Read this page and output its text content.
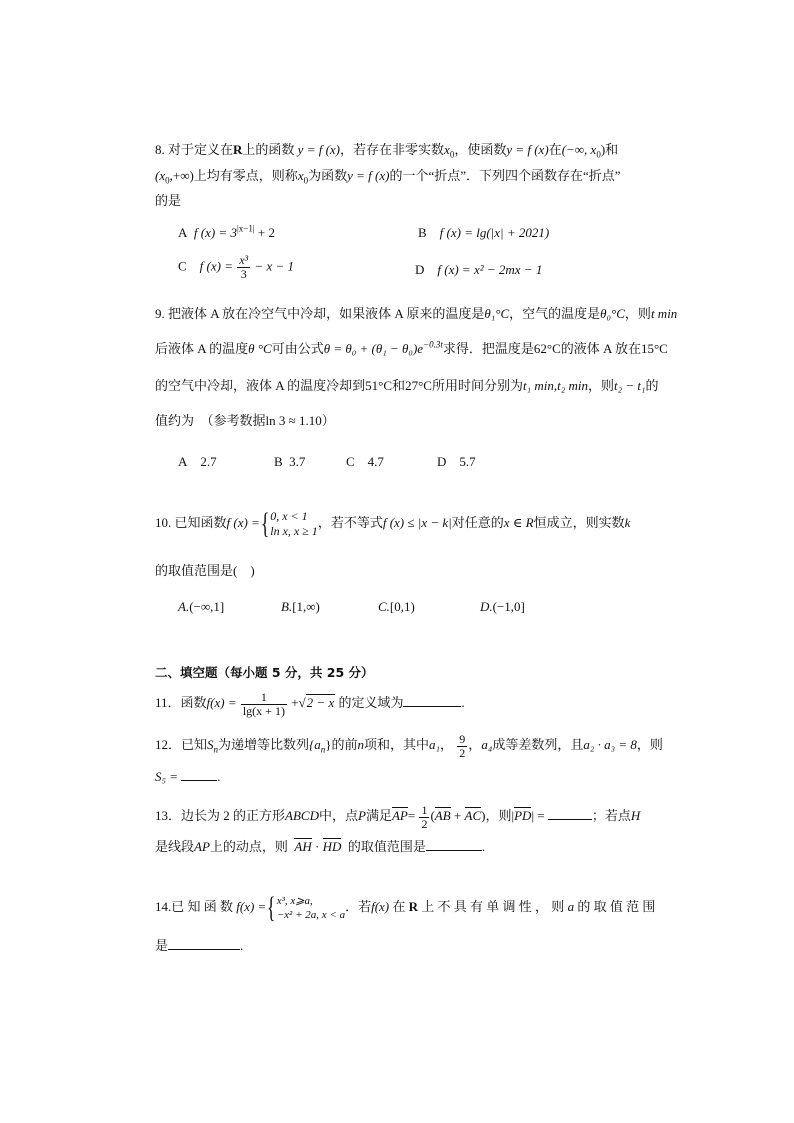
8. 对于定义在R上的函数 y = f (x)，若存在非零实数$x_0$，使函数y = f (x)在(−∞, $x_0$)和
$(x_0,+\infty)$上均有零点，则称$x_0$为函数y = f (x)的一个“折点”．下列四个函数存在“折点”
的是
A f $(x) = 3^{|x-1|} + 2$	B f (x) = lg(|x| + 2021)
C f $(x) = \frac{\text{x³}}{3} - x - 1$	D f (x) = x² − 2mx − 1
9. 把液体 A 放在冷空气中冷却，如果液体 A 原来的温度是θ₁°C，空气的温度是θ₀°C，则t min
后液体 A 的温度θ °C可由公式$\theta = \theta_0 + (\theta_1 - \theta_0)e^{-0.3t}$求得．把温度是62°C的液体 A 放在15°C
的空气中冷却，液体 A 的温度冷却到51°C和27°C所用时间分别为t₁ min,t₂ min，则t₂ − t₁的
值约为　（参考数据ln 3 ≈ 1.10）
A 2.7	B 3.7	C 4.7	D 5.7
10. 已知函数f (x) ={ 0, x < 1
ln x, x ≥ 1
，若不等式f (x) ≤ |x − k|对任意的x ∈ R恒成立，则实数k
的取值范围是(　)
A.(−∞,1]	B.[1,∞)	C.[0,1)	D.(−1,0]
二、填空题（每小题 5 分，共 25 分）
11．函数$f(x) = \frac{1}{\lg(x + 1)} +√2 - x$ 的定义域为	.
12．已知$S_n$为递增等比数列$\{a_n\}$的前n项和，其中a₁， $\frac{9}{2}$ ，a₄成等差数列，且a₂ · a₃ = 8，则
S₅ =	.
13．边长为 2 的正方形ABCD中，点P满足$AP= \frac{1}{2} (AB + AC)$，则|PD| =	；若点H
是线段AP上的动点，则 AH · HD 的取值范围是	.
14.已 知 函 数 f(x) ={ x³, x⩾a,
−x² + 2a, x < a
．若f(x) 在 R 上 不 具 有 单 调 性 ， 则 a 的 取 值 范 围
是	.
